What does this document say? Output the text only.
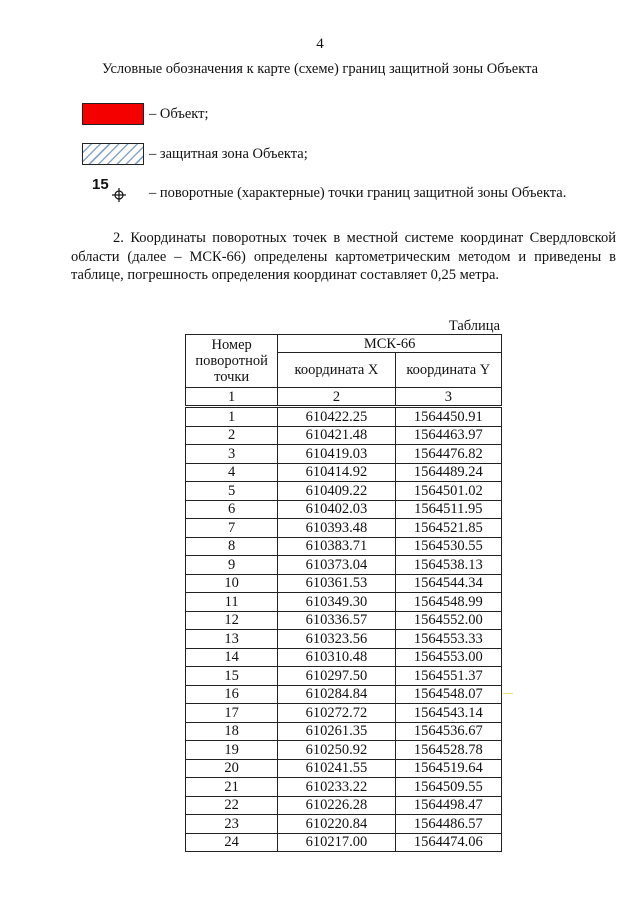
4
Условные обозначения к карте (схеме) границ защитной зоны Объекта
– Объект;
– защитная зона Объекта;
15	– поворотные (характерные) точки границ защитной зоны Объекта.
2. Координаты поворотных точек в местной системе координат Свердловской области (далее – МСК-66) определены картометрическим методом и приведены в таблице, погрешность определения координат составляет 0,25 метра.
Таблица
Номер поворотной точки	МСК-66	
	координата X	координата Y
1	2	3
1	610422.25	1564450.91
2	610421.48	1564463.97
3	610419.03	1564476.82
4	610414.92	1564489.24
5	610409.22	1564501.02
6	610402.03	1564511.95
7	610393.48	1564521.85
8	610383.71	1564530.55
9	610373.04	1564538.13
10	610361.53	1564544.34
11	610349.30	1564548.99
12	610336.57	1564552.00
13	610323.56	1564553.33
14	610310.48	1564553.00
15	610297.50	1564551.37
16	610284.84	1564548.07
17	610272.72	1564543.14
18	610261.35	1564536.67
19	610250.92	1564528.78
20	610241.55	1564519.64
21	610233.22	1564509.55
22	610226.28	1564498.47
23	610220.84	1564486.57
24	610217.00	1564474.06
